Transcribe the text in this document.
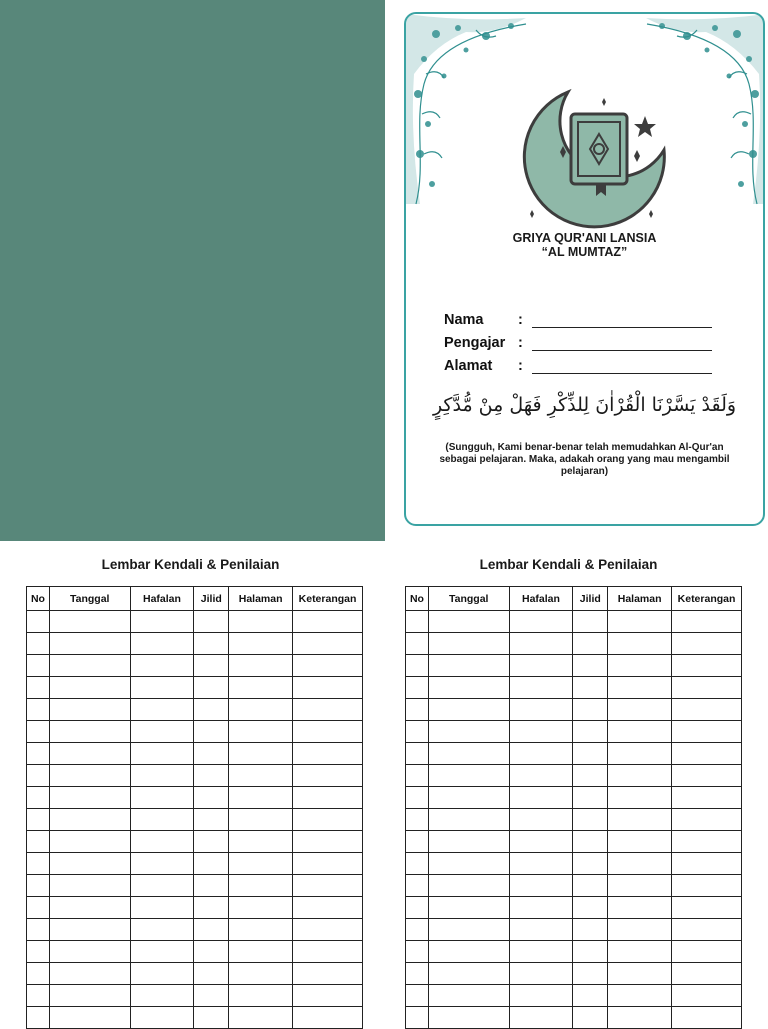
GRIYA QUR'ANI LANSIA
“AL MUMTAZ”
Nama	:
Pengajar :
Alamat	:
وَلَقَدْ يَسَّرْنَا الْقُرْاٰنَ لِلذِّكْرِ فَهَلْ مِنْ مُّدَّكِرٍ
(Sungguh, Kami benar-benar telah memudahkan Al-Qur'an sebagai pelajaran. Maka, adakah orang yang mau mengambil pelajaran)
Lembar Kendali & Penilaian
No	Tanggal	Hafalan	Jilid	Halaman	Keterangan

Lembar Kendali & Penilaian
No	Tanggal	Hafalan	Jilid	Halaman	Keterangan
